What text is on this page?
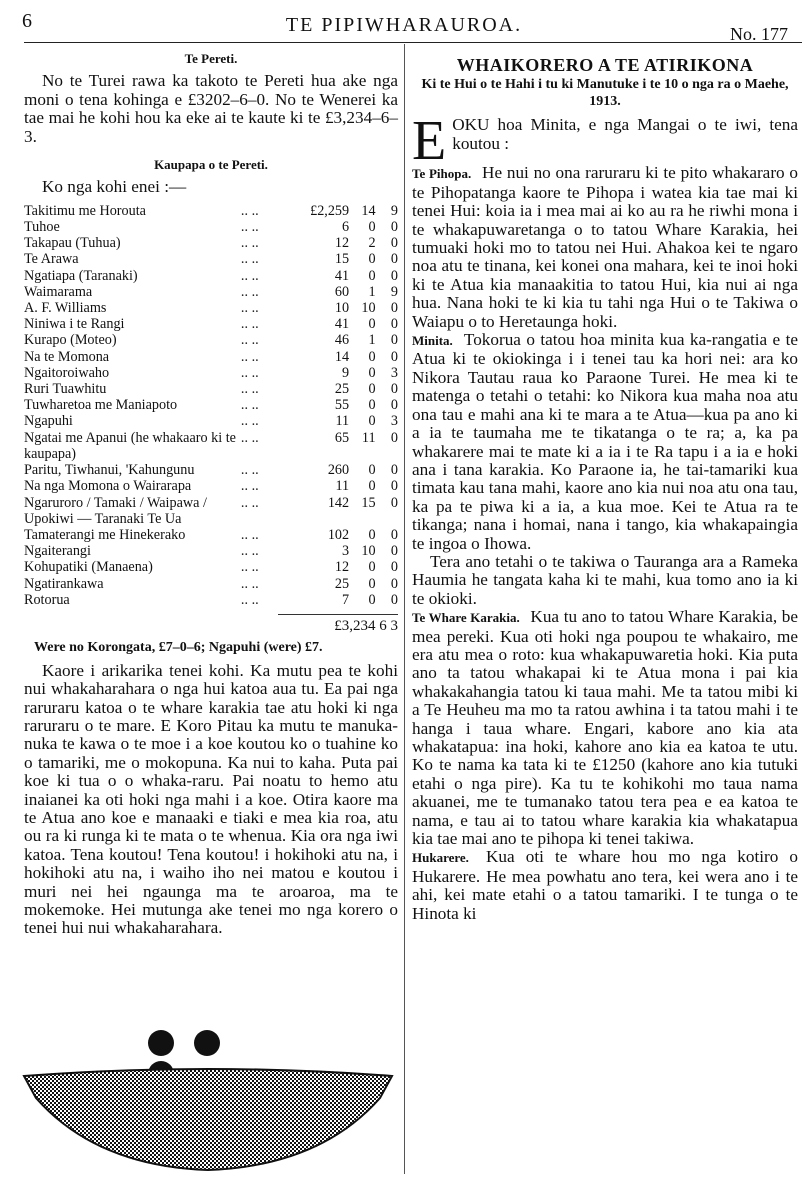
6	TE PIPIWHARAUROA.	No. 177
Te Pereti.

No te Turei rawa ka takoto te Pereti hua ake nga moni o tena kohinga e £3202–6–0. No te Wenerei ka tae mai he kohi hou ka eke ai te kaute ki te £3,234–6–3.

Kaupapa o te Pereti.

Ko nga kohi enei :—

Takitimu me Horouta	.. ..	£2,259	14	9
Tuhoe	.. ..	6	0	0
Takapau (Tuhua)	.. ..	12	2	0
Te Arawa	.. ..	15	0	0
Ngatiapa (Taranaki)	.. ..	41	0	0
Waimarama	.. ..	60	1	9
A. F. Williams	.. ..	10	10	0
Niniwa i te Rangi	.. ..	41	0	0
Kurapo (Moteo)	.. ..	46	1	0
Na te Momona	.. ..	14	0	0
Ngaitoroiwaho	.. ..	9	0	3
Ruri Tuawhitu	.. ..	25	0	0
Tuwharetoa me Maniapoto	.. ..	55	0	0
Ngapuhi	.. ..	11	0	3
Ngatai me Apanui (he whakaaro ki te kaupapa)	.. ..	65	11	0
Paritu, Tiwhanui, 'Kahungunu	.. ..	260	0	0
Na nga Momona o Wairarapa	.. ..	11	0	0
Ngaruroro / Tamaki / Waipawa / Upokiwi — Taranaki Te Ua	.. ..	142	15	0
Tamaterangi me Hinekerako	.. ..	102	0	0
Ngaiterangi	.. ..	3	10	0
Kohupatiki (Manaena)	.. ..	12	0	0
Ngatirankawa	.. ..	25	0	0
Rotorua	.. ..	7	0	0
£3,234 6 3
Were no Korongata, £7–0–6; Ngapuhi (were) £7.

Kaore i arikarika tenei kohi. Ka mutu pea te kohi nui whakaharahara o nga hui katoa aua tu. Ea pai nga raruraru katoa o te whare karakia tae atu hoki ki nga raruraru o te mare. E Koro Pitau ka mutu te manuka-nuka te kawa o te moe i a koe koutou ko o tuahine ko o tamariki, me o mokopuna. Ka nui to kaha. Puta pai koe ki tua o o whaka-raru. Pai noatu to hemo atu inaianei ka oti hoki nga mahi i a koe. Otira kaore ma te Atua ano koe e manaaki e tiaki e mea kia roa, atu ou ra ki runga ki te mata o te whenua. Kia ora nga iwi katoa. Tena koutou! Tena koutou! i hokihoki atu na, i hokihoki atu na, i waiho iho nei matou e koutou i muri nei hei ngaunga ma te aroaroa, ma te mokemoke. Hei mutunga ake tenei mo nga korero o tenei hui nui whakaharahara.

WHAIKORERO A TE ATIRIKONA
Ki te Hui o te Hahi i tu ki Manutuke i te 10 o nga ra o Maehe, 1913.

E OKU hoa Minita, e nga Mangai o te iwi, tena koutou :

Te Pihopa. He nui no ona raruraru ki te pito whakararo o te Pihopatanga kaore te Pihopa i watea kia tae mai ki tenei Hui: koia ia i mea mai ai ko au ra he riwhi mona i te whakapuwaretanga o to tatou Whare Karakia, hei tumuaki hoki mo to tatou nei Hui. Ahakoa kei te ngaro noa atu te tinana, kei konei ona mahara, kei te inoi hoki ki te Atua kia manaakitia to tatou Hui, kia nui ai nga hua. Nana hoki te ki kia tu tahi nga Hui o te Takiwa o Waiapu o to Heretaunga hoki.

Minita. Tokorua o tatou hoa minita kua ka-rangatia e te Atua ki te okiokinga i i tenei tau ka hori nei: ara ko Nikora Tautau raua ko Paraone Turei. He mea ki te matenga o tetahi o tetahi: ko Nikora kua maha noa atu ona tau e mahi ana ki te mara a te Atua—kua pa ano ki a ia te taumaha me te tikatanga o te ra; a, ka pa whakarere mai te mate ki a ia i te Ra tapu i a ia e hoki ana i tana karakia. Ko Paraone ia, he tai-tamariki kua timata kau tana mahi, kaore ano kia nui noa atu ona tau, ka pa te piwa ki a ia, a kua moe. Kei te Atua ra te tikanga; nana i homai, nana i tango, kia whakapaingia te ingoa o Ihowa.

Tera ano tetahi o te takiwa o Tauranga ara a Rameka Haumia he tangata kaha ki te mahi, kua tomo ano ia ki te okioki.

Te Whare Karakia. Kua tu ano to tatou Whare Karakia, be mea pereki. Kua oti hoki nga poupou te whakairo, me era atu mea o roto: kua whakapuwaretia hoki. Kia puta ano ta tatou whakapai ki te Atua mona i pai kia whakakahangia tatou ki taua mahi. Me ta tatou mibi ki a Te Heuheu ma mo ta ratou awhina i ta tatou mahi i te hanga i taua whare. Engari, kabore ano kia ata whakatapua: ina hoki, kahore ano kia ea katoa te utu. Ko te nama ka tata ki te £1250 (kahore ano kia tutuki etahi o nga pire). Ka tu te kohikohi mo taua nama akuanei, me te tumanako tatou tera pea e ea katoa te nama, e tau ai to tatou whare karakia kia whakatapua kia tae mai ano te pihopa ki tenei takiwa.

Hukarere. Kua oti te whare hou mo nga kotiro o Hukarere. He mea powhatu ano tera, kei wera ano i te ahi, kei mate etahi o a tatou tamariki. I te tunga o te Hinota ki
